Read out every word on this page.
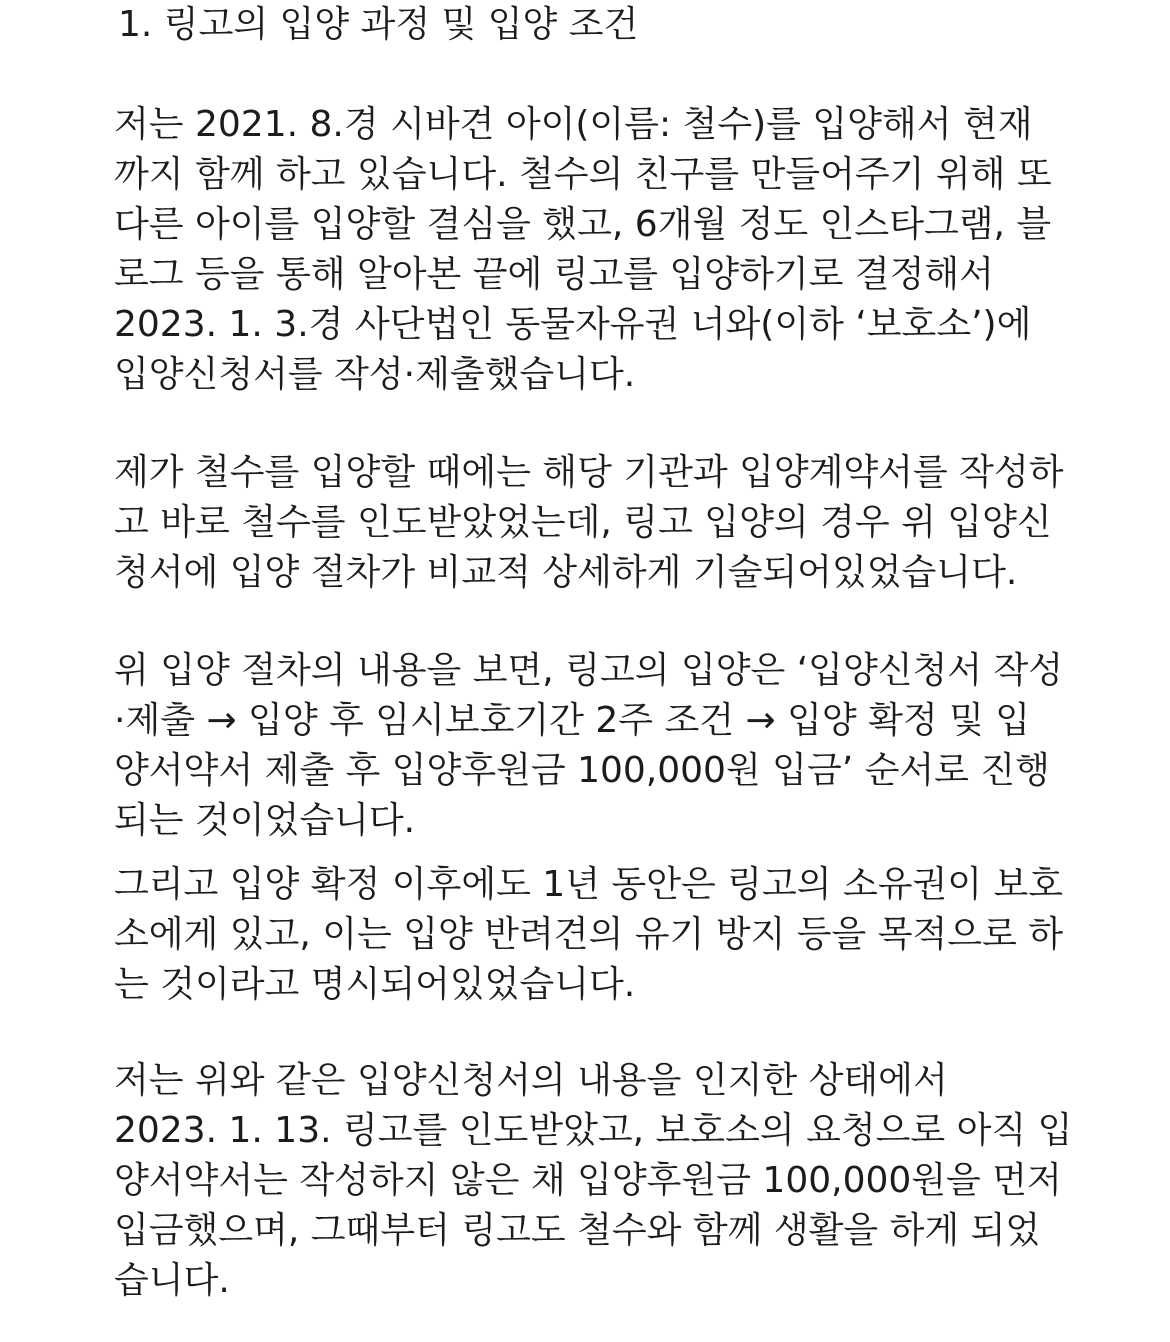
1. 링고의 입양 과정 및 입양 조건

저는 2021. 8.경 시바견 아이(이름: 철수)를 입양해서 현재

까지 함께 하고 있습니다. 철수의 친구를 만들어주기 위해 또

다른 아이를 입양할 결심을 했고, 6개월 정도 인스타그램, 블

로그 등을 통해 알아본 끝에 링고를 입양하기로 결정해서

2023. 1. 3.경 사단법인 동물자유권 너와(이하 ‘보호소’)에

입양신청서를 작성·제출했습니다.

제가 철수를 입양할 때에는 해당 기관과 입양계약서를 작성하

고 바로 철수를 인도받았었는데, 링고 입양의 경우 위 입양신

청서에 입양 절차가 비교적 상세하게 기술되어있었습니다.

위 입양 절차의 내용을 보면, 링고의 입양은 ‘입양신청서 작성

·제출 → 입양 후 임시보호기간 2주 조건 → 입양 확정 및 입

양서약서 제출 후 입양후원금 100,000원 입금’ 순서로 진행

되는 것이었습니다.

그리고 입양 확정 이후에도 1년 동안은 링고의 소유권이 보호

소에게 있고, 이는 입양 반려견의 유기 방지 등을 목적으로 하

는 것이라고 명시되어있었습니다.

저는 위와 같은 입양신청서의 내용을 인지한 상태에서

2023. 1. 13. 링고를 인도받았고, 보호소의 요청으로 아직 입

양서약서는 작성하지 않은 채 입양후원금 100,000원을 먼저

입금했으며, 그때부터 링고도 철수와 함께 생활을 하게 되었

습니다.
